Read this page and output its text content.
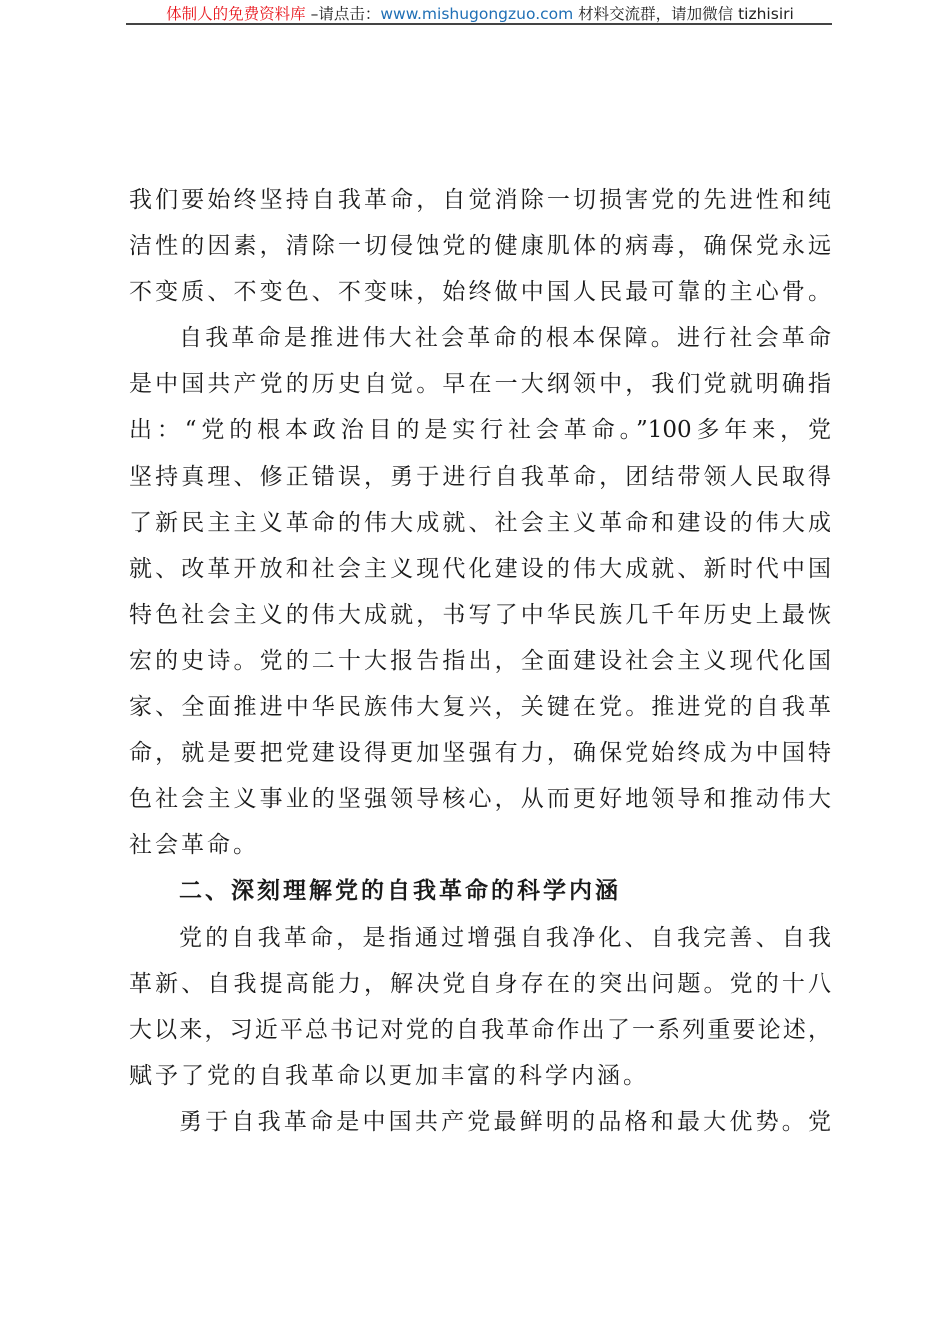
体制人的免费资料库 –请点击：www.mishugongzuo.com 材料交流群，请加微信 tizhisiri
我们要始终坚持自我革命，自觉消除一切损害党的先进性和纯
洁性的因素，清除一切侵蚀党的健康肌体的病毒，确保党永远
不变质、不变色、不变味，始终做中国人民最可靠的主心骨。
自我革命是推进伟大社会革命的根本保障。进行社会革命
是中国共产党的历史自觉。早在一大纲领中，我们党就明确指
出：“党的根本政治目的是实行社会革命。”100多年来，党
坚持真理、修正错误，勇于进行自我革命，团结带领人民取得
了新民主主义革命的伟大成就、社会主义革命和建设的伟大成
就、改革开放和社会主义现代化建设的伟大成就、新时代中国
特色社会主义的伟大成就，书写了中华民族几千年历史上最恢
宏的史诗。党的二十大报告指出，全面建设社会主义现代化国
家、全面推进中华民族伟大复兴，关键在党。推进党的自我革
命，就是要把党建设得更加坚强有力，确保党始终成为中国特
色社会主义事业的坚强领导核心，从而更好地领导和推动伟大
社会革命。
二、深刻理解党的自我革命的科学内涵
党的自我革命，是指通过增强自我净化、自我完善、自我
革新、自我提高能力，解决党自身存在的突出问题。党的十八
大以来，习近平总书记对党的自我革命作出了一系列重要论述，
赋予了党的自我革命以更加丰富的科学内涵。
勇于自我革命是中国共产党最鲜明的品格和最大优势。党
